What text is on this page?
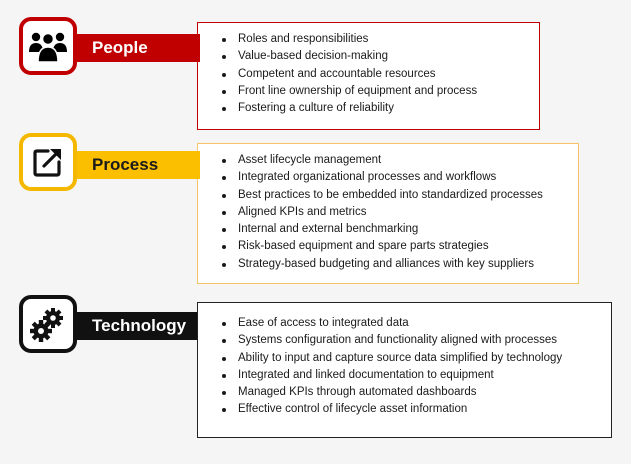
People	Roles and responsibilities
Value-based decision-making
Competent and accountable resources
Front line ownership of equipment and process
Fostering a culture of reliability
Process	Asset lifecycle management
Integrated organizational processes and workflows
Best practices to be embedded into standardized processes
Aligned KPIs and metrics
Internal and external benchmarking
Risk-based equipment and spare parts strategies
Strategy-based budgeting and alliances with key suppliers
Technology	Ease of access to integrated data
Systems configuration and functionality aligned with processes
Ability to input and capture source data simplified by technology
Integrated and linked documentation to equipment
Managed KPIs through automated dashboards
Effective control of lifecycle asset information
